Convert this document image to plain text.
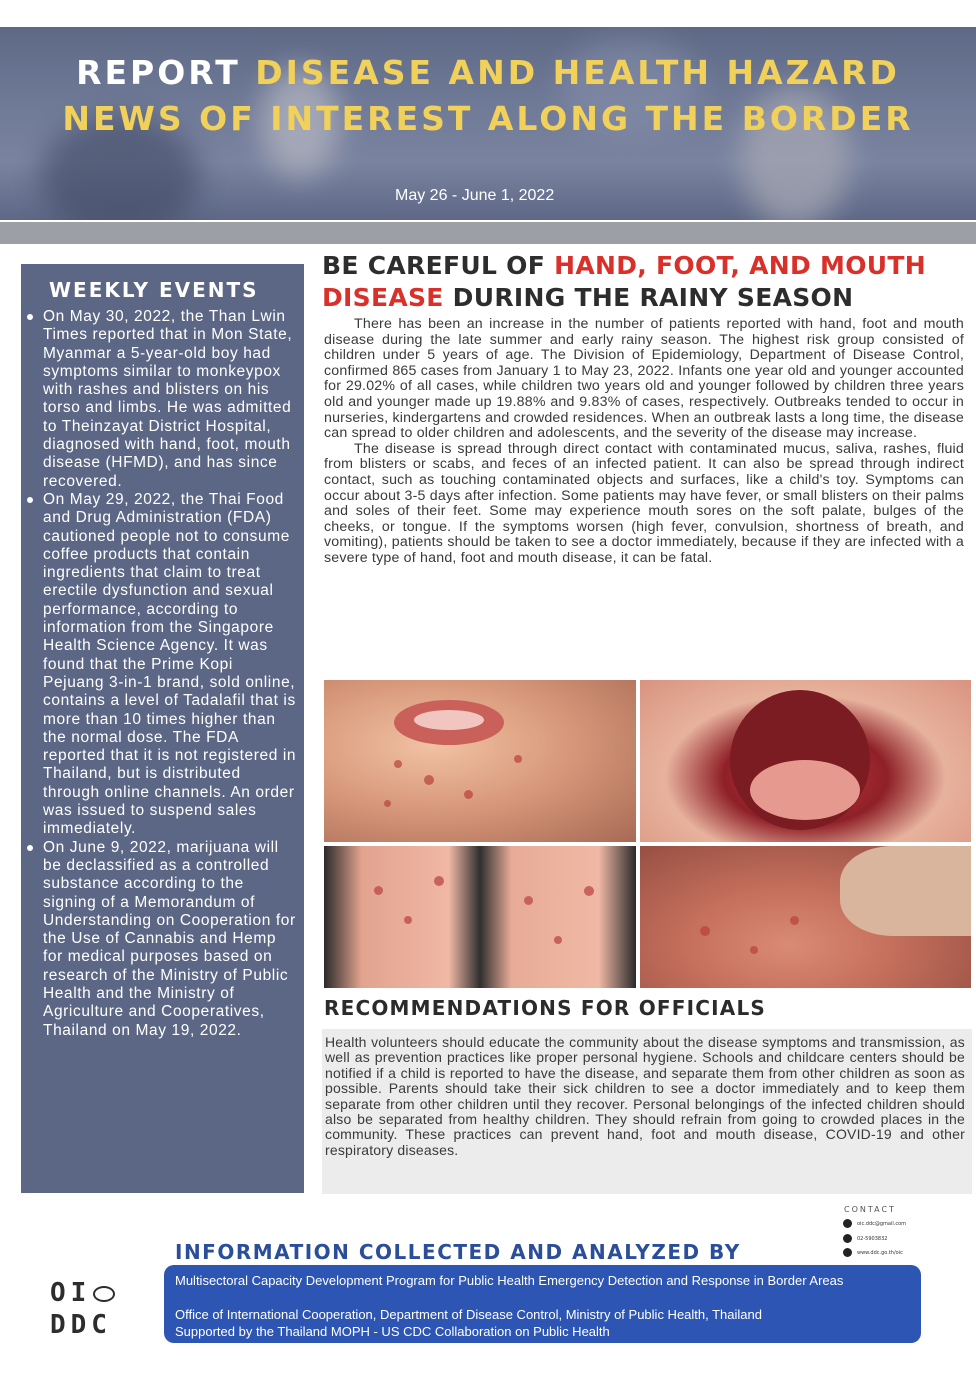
REPORT DISEASE AND HEALTH HAZARD
NEWS OF INTEREST ALONG THE BORDER
May 26 - June 1, 2022
WEEKLY EVENTS
On May 30, 2022, the Than Lwin Times reported that in Mon State, Myanmar a 5-year-old boy had symptoms similar to monkeypox with rashes and blisters on his torso and limbs. He was admitted to Theinzayat District Hospital, diagnosed with hand, foot, mouth disease (HFMD), and has since recovered.
On May 29, 2022, the Thai Food and Drug Administration (FDA) cautioned people not to consume coffee products that contain ingredients that claim to treat erectile dysfunction and sexual performance, according to information from the Singapore Health Science Agency. It was found that the Prime Kopi Pejuang 3-in-1 brand, sold online, contains a level of Tadalafil that is more than 10 times higher than the normal dose. The FDA reported that it is not registered in Thailand, but is distributed through online channels. An order was issued to suspend sales immediately.
On June 9, 2022, marijuana will be declassified as a controlled substance according to the signing of a Memorandum of Understanding on Cooperation for the Use of Cannabis and Hemp for medical purposes based on research of the Ministry of Public Health and the Ministry of Agriculture and Cooperatives, Thailand on May 19, 2022.
BE CAREFUL OF HAND, FOOT, AND MOUTH
DISEASE DURING THE RAINY SEASON

There has been an increase in the number of patients reported with hand, foot and mouth disease during the late summer and early rainy season. The highest risk group consisted of children under 5 years of age. The Division of Epidemiology, Department of Disease Control, confirmed 865 cases from January 1 to May 23, 2022. Infants one year old and younger accounted for 29.02% of all cases, while children two years old and younger followed by children three years old and younger made up 19.88% and 9.83% of cases, respectively. Outbreaks tended to occur in nurseries, kindergartens and crowded residences. When an outbreak lasts a long time, the disease can spread to older children and adolescents, and the severity of the disease may increase.

The disease is spread through direct contact with contaminated mucus, saliva, rashes, fluid from blisters or scabs, and feces of an infected patient. It can also be spread through indirect contact, such as touching contaminated objects and surfaces, like a child's toy. Symptoms can occur about 3-5 days after infection. Some patients may have fever, or small blisters on their palms and soles of their feet. Some may experience mouth sores on the soft palate, bulges of the cheeks, or tongue. If the symptoms worsen (high fever, convulsion, shortness of breath, and vomiting), patients should be taken to see a doctor immediately, because if they are infected with a severe type of hand, foot and mouth disease, it can be fatal.

RECOMMENDATIONS FOR OFFICIALS

Health volunteers should educate the community about the disease symptoms and transmission, as well as prevention practices like proper personal hygiene. Schools and childcare centers should be notified if a child is reported to have the disease, and separate them from other children as soon as possible. Parents should take their sick children to see a doctor immediately and to keep them separate from other children until they recover. Personal belongings of the infected children should also be separated from healthy children. They should refrain from going to crowded places in the community. These practices can prevent hand, foot and mouth disease, COVID-19 and other respiratory diseases.

CONTACT
oic.ddc@gmail.com
02-5903832
www.ddc.go.th/oic
INFORMATION COLLECTED AND ANALYZED BY
OI
DDC

Multisectoral Capacity Development Program for Public Health Emergency Detection and Response in Border Areas

Office of International Cooperation, Department of Disease Control, Ministry of Public Health, Thailand

Supported by the Thailand MOPH - US CDC Collaboration on Public Health
